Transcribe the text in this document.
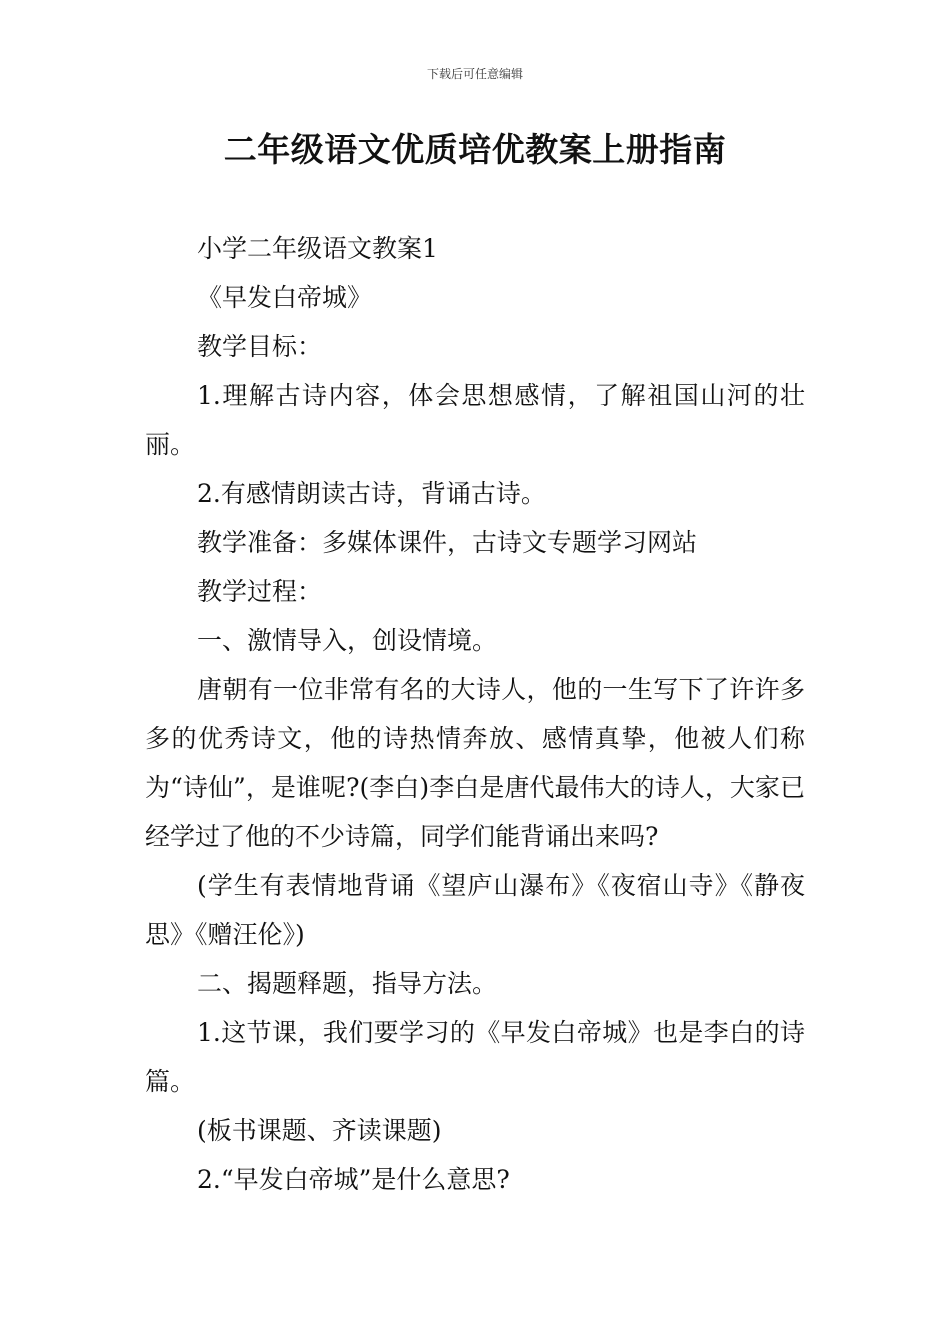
下载后可任意编辑
二年级语文优质培优教案上册指南

小学二年级语文教案1

《早发白帝城》

教学目标：

1.理解古诗内容，体会思想感情，了解祖国山河的壮丽。

2.有感情朗读古诗，背诵古诗。

教学准备：多媒体课件，古诗文专题学习网站

教学过程：

一、激情导入，创设情境。

唐朝有一位非常有名的大诗人，他的一生写下了许许多多的优秀诗文，他的诗热情奔放、感情真挚，他被人们称为“诗仙”，是谁呢?(李白)李白是唐代最伟大的诗人，大家已经学过了他的不少诗篇，同学们能背诵出来吗?

(学生有表情地背诵《望庐山瀑布》《夜宿山寺》《静夜思》《赠汪伦》)

二、揭题释题，指导方法。

1.这节课，我们要学习的《早发白帝城》也是李白的诗篇。

(板书课题、齐读课题)

2.“早发白帝城”是什么意思?
